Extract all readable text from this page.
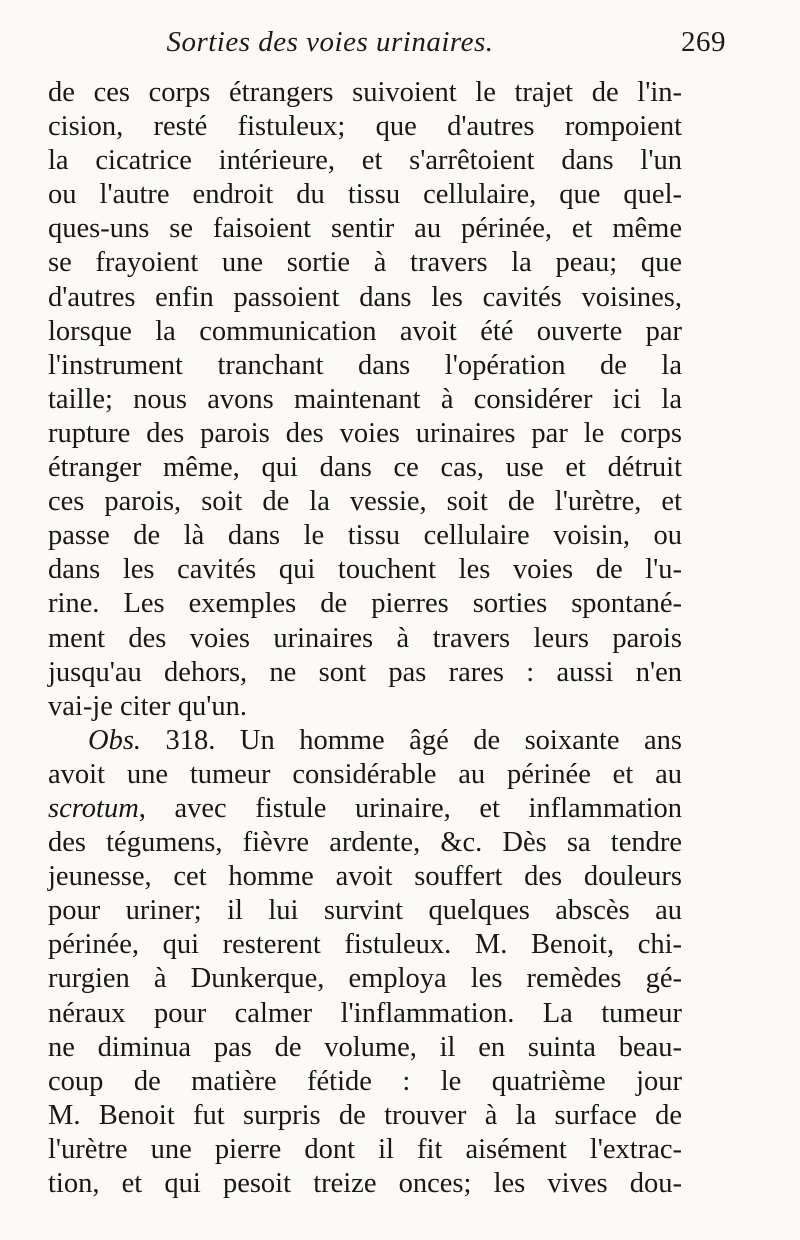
Sorties des voies urinaires.	269
de ces corps étrangers suivoient le trajet de l'in-
cision, resté fistuleux; que d'autres rompoient
la cicatrice intérieure, et s'arrêtoient dans l'un
ou l'autre endroit du tissu cellulaire, que quel-
ques-uns se faisoient sentir au périnée, et même
se frayoient une sortie à travers la peau; que
d'autres enfin passoient dans les cavités voisines,
lorsque la communication avoit été ouverte par
l'instrument tranchant dans l'opération de la
taille; nous avons maintenant à considérer ici la
rupture des parois des voies urinaires par le corps
étranger même, qui dans ce cas, use et détruit
ces parois, soit de la vessie, soit de l'urètre, et
passe de là dans le tissu cellulaire voisin, ou
dans les cavités qui touchent les voies de l'u-
rine. Les exemples de pierres sorties spontané-
ment des voies urinaires à travers leurs parois
jusqu'au dehors, ne sont pas rares : aussi n'en
vai-je citer qu'un.
Obs. 318. Un homme âgé de soixante ans
avoit une tumeur considérable au périnée et au
scrotum, avec fistule urinaire, et inflammation
des tégumens, fièvre ardente, &c. Dès sa tendre
jeunesse, cet homme avoit souffert des douleurs
pour uriner; il lui survint quelques abscès au
périnée, qui resterent fistuleux. M. Benoit, chi-
rurgien à Dunkerque, employa les remèdes gé-
néraux pour calmer l'inflammation. La tumeur
ne diminua pas de volume, il en suinta beau-
coup de matière fétide : le quatrième jour
M. Benoit fut surpris de trouver à la surface de
l'urètre une pierre dont il fit aisément l'extrac-
tion, et qui pesoit treize onces; les vives dou-
